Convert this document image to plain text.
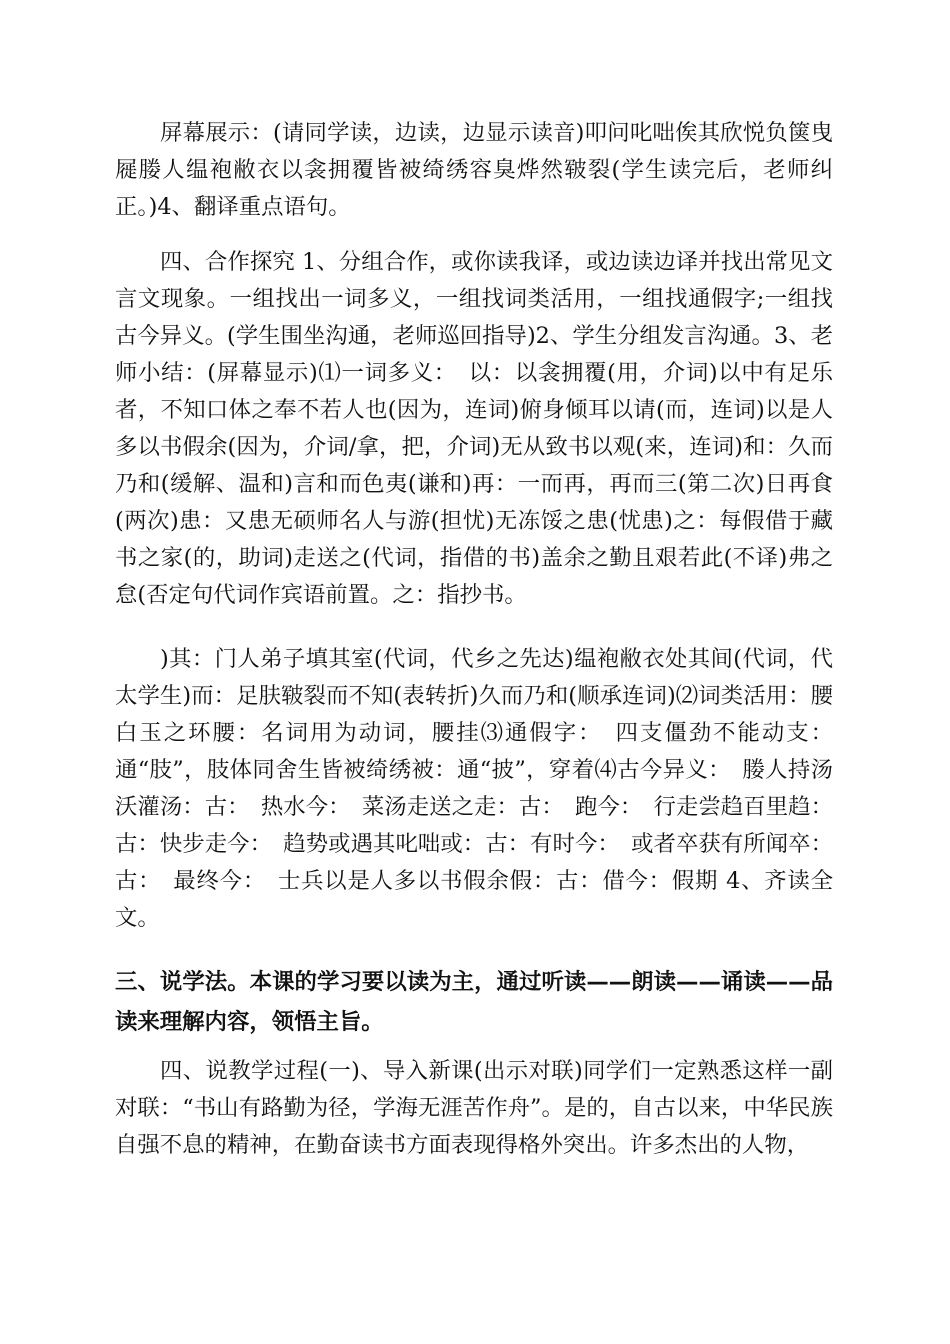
屏幕展示：(请同学读，边读，边显示读音)叩问叱咄俟其欣悦负箧曳屣媵人缊袍敝衣以衾拥覆皆被绮绣容臭烨然皲裂(学生读完后，老师纠正。)4、翻译重点语句。

四、合作探究 1、分组合作，或你读我译，或边读边译并找出常见文言文现象。一组找出一词多义，一组找词类活用，一组找通假字;一组找古今异义。(学生围坐沟通，老师巡回指导)2、学生分组发言沟通。3、老师小结：(屏幕显示)⑴一词多义：　以：以衾拥覆(用，介词)以中有足乐者，不知口体之奉不若人也(因为，连词)俯身倾耳以请(而，连词)以是人多以书假余(因为，介词/拿，把，介词)无从致书以观(来，连词)和：久而乃和(缓解、温和)言和而色夷(谦和)再：一而再，再而三(第二次)日再食(两次)患：又患无硕师名人与游(担忧)无冻馁之患(忧患)之：每假借于藏书之家(的，助词)走送之(代词，指借的书)盖余之勤且艰若此(不译)弗之怠(否定句代词作宾语前置。之：指抄书。

)其：门人弟子填其室(代词，代乡之先达)缊袍敝衣处其间(代词，代太学生)而：足肤皲裂而不知(表转折)久而乃和(顺承连词)⑵词类活用：腰白玉之环腰：名词用为动词，腰挂⑶通假字：　四支僵劲不能动支：通“肢”，肢体同舍生皆被绮绣被：通“披”，穿着⑷古今异义：　媵人持汤沃灌汤：古：　热水今：　菜汤走送之走：古：　跑今：　行走尝趋百里趋：古：快步走今：　趋势或遇其叱咄或：古：有时今：　或者卒获有所闻卒：古：　最终今：　士兵以是人多以书假余假：古：借今：假期 4、齐读全文。

三、说学法。本课的学习要以读为主，通过听读——朗读——诵读——品读来理解内容，领悟主旨。

四、说教学过程(一)、导入新课(出示对联)同学们一定熟悉这样一副对联：“书山有路勤为径，学海无涯苦作舟”。是的，自古以来，中华民族自强不息的精神，在勤奋读书方面表现得格外突出。许多杰出的人物，
